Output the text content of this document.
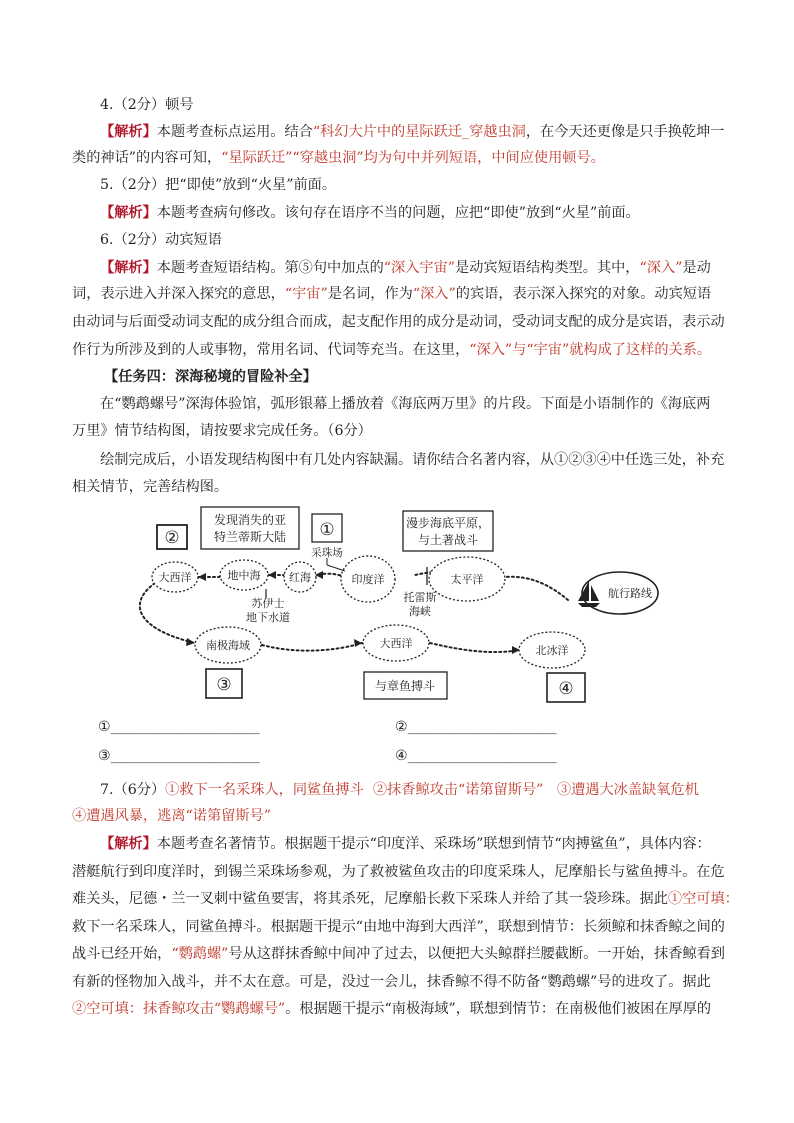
4.（2分）顿号
【解析】本题考查标点运用。结合“科幻大片中的星际跃迁_穿越虫洞，在今天还更像是只手换乾坤一
类的神话”的内容可知，“星际跃迁”“穿越虫洞”均为句中并列短语，中间应使用顿号。
5.（2分）把“即使”放到“火星”前面。
【解析】本题考查病句修改。该句存在语序不当的问题，应把“即使”放到“火星”前面。
6.（2分）动宾短语
【解析】本题考查短语结构。第⑤句中加点的“深入宇宙”是动宾短语结构类型。其中，“深入”是动
词，表示进入并深入探究的意思，“宇宙”是名词，作为“深入”的宾语，表示深入探究的对象。动宾短语
由动词与后面受动词支配的成分组合而成，起支配作用的成分是动词，受动词支配的成分是宾语，表示动
作行为所涉及到的人或事物，常用名词、代词等充当。在这里，“深入”与“宇宙”就构成了这样的关系。
【任务四：深海秘境的冒险补全】
在“鹦鹉螺号”深海体验馆，弧形银幕上播放着《海底两万里》的片段。下面是小语制作的《海底两
万里》情节结构图，请按要求完成任务。（6分）
绘制完成后，小语发现结构图中有几处内容缺漏。请你结合名著内容，从①②③④中任选三处，补充
相关情节，完善结构图。
大西洋	地中海	红海	印度洋	太平洋
南极海域	大西洋
北冰洋
航行路线
②
发现消失的亚
特兰蒂斯大陆 ①
采珠场
漫步海底平原，
与土著战斗
苏伊士
地下水道
托雷斯
海峡
③	与章鱼搏斗	④
①_____________________	②_____________________
③_____________________	④_____________________
7.（6分）①救下一名采珠人，同鲨鱼搏斗 ②抹香鲸攻击“诺第留斯号” ③遭遇大冰盖缺氧危机
④遭遇风暴，逃离“诺第留斯号”
【解析】本题考查名著情节。根据题干提示“印度洋、采珠场”联想到情节“肉搏鲨鱼”，具体内容：
潜艇航行到印度洋时，到锡兰采珠场参观，为了救被鲨鱼攻击的印度采珠人，尼摩船长与鲨鱼搏斗。在危
难关头，尼德・兰一叉刺中鲨鱼要害，将其杀死，尼摩船长救下采珠人并给了其一袋珍珠。据此①空可填：
救下一名采珠人，同鲨鱼搏斗。根据题干提示“由地中海到大西洋”，联想到情节：长须鲸和抹香鲸之间的
战斗已经开始，“鹦鹉螺”号从这群抹香鲸中间冲了过去，以便把大头鲸群拦腰截断。一开始，抹香鲸看到
有新的怪物加入战斗，并不太在意。可是，没过一会儿，抹香鲸不得不防备“鹦鹉螺”号的进攻了。据此
②空可填：抹香鲸攻击“鹦鹉螺号”。根据题干提示“南极海域”，联想到情节：在南极他们被困在厚厚的
